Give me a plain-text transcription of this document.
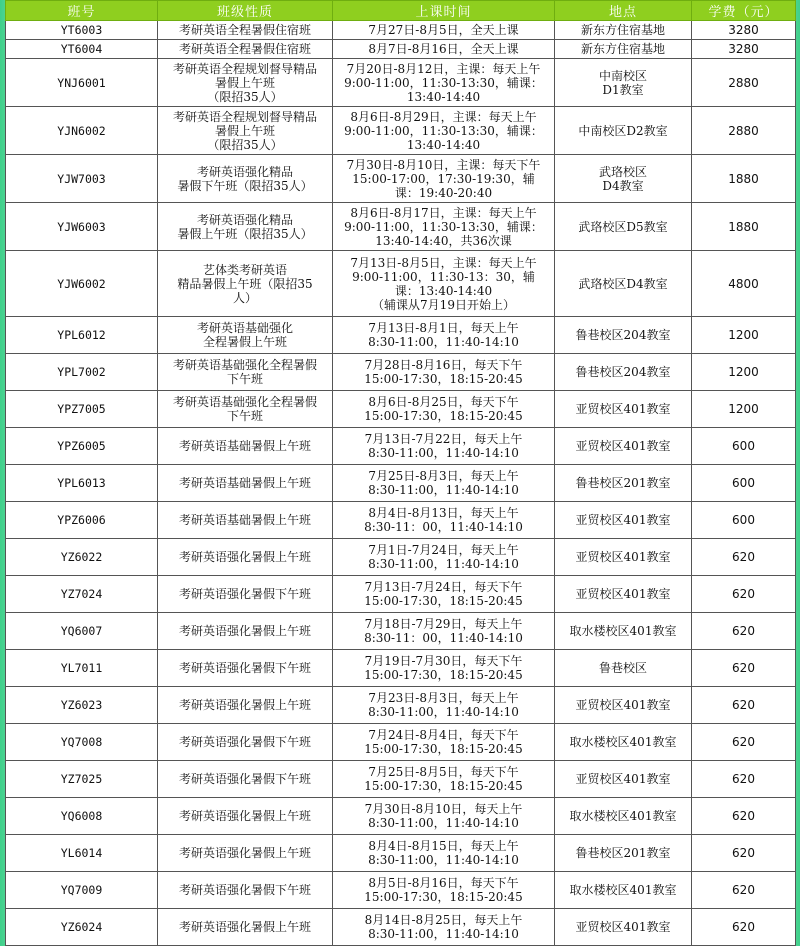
班号	班级性质	上课时间	地点	学费（元）
YT6003	考研英语全程暑假住宿班	7月27日-8月5日，全天上课	新东方住宿基地	3280
YT6004	考研英语全程暑假住宿班	8月7日-8月16日，全天上课	新东方住宿基地	3280
YNJ6001	考研英语全程规划督导精品
暑假上午班
（限招35人）	7月20日-8月12日，主课：每天上午
9:00-11:00，11:30-13:30，辅课：
13:40-14:40	中南校区
D1教室	2880
YJN6002	考研英语全程规划督导精品
暑假上午班
（限招35人）	8月6日-8月29日，主课：每天上午
9:00-11:00，11:30-13:30，辅课：
13:40-14:40	中南校区D2教室	2880
YJW7003	考研英语强化精品
暑假下午班（限招35人）	7月30日-8月10日，主课：每天下午
15:00-17:00，17:30-19:30，辅
课：19:40-20:40	武珞校区
D4教室	1880
YJW6003	考研英语强化精品
暑假上午班（限招35人）	8月6日-8月17日，主课：每天上午
9:00-11:00，11:30-13:30，辅课：
13:40-14:40，共36次课	武珞校区D5教室	1880
YJW6002	艺体类考研英语
精品暑假上午班（限招35
人）	7月13日-8月5日，主课：每天上午
9:00-11:00，11:30-13：30，辅
课：13:40-14:40
（辅课从7月19日开始上）	武珞校区D4教室	4800
YPL6012	考研英语基础强化
全程暑假上午班	7月13日-8月1日，每天上午
8:30-11:00，11:40-14:10	鲁巷校区204教室	1200
YPL7002	考研英语基础强化全程暑假
下午班	7月28日-8月16日，每天下午
15:00-17:30，18:15-20:45	鲁巷校区204教室	1200
YPZ7005	考研英语基础强化全程暑假
下午班	8月6日-8月25日，每天下午
15:00-17:30，18:15-20:45	亚贸校区401教室	1200
YPZ6005	考研英语基础暑假上午班	7月13日-7月22日，每天上午
8:30-11:00，11:40-14:10	亚贸校区401教室	600
YPL6013	考研英语基础暑假上午班	7月25日-8月3日，每天上午
8:30-11:00，11:40-14:10	鲁巷校区201教室	600
YPZ6006	考研英语基础暑假上午班	8月4日-8月13日，每天上午
8:30-11：00，11:40-14:10	亚贸校区401教室	600
YZ6022	考研英语强化暑假上午班	7月1日-7月24日，每天上午
8:30-11:00，11:40-14:10	亚贸校区401教室	620
YZ7024	考研英语强化暑假下午班	7月13日-7月24日，每天下午
15:00-17:30，18:15-20:45	亚贸校区401教室	620
YQ6007	考研英语强化暑假上午班	7月18日-7月29日，每天上午
8:30-11：00，11:40-14:10	取水楼校区401教室	620
YL7011	考研英语强化暑假下午班	7月19日-7月30日，每天下午
15:00-17:30，18:15-20:45	鲁巷校区	620
YZ6023	考研英语强化暑假上午班	7月23日-8月3日，每天上午
8:30-11:00，11:40-14:10	亚贸校区401教室	620
YQ7008	考研英语强化暑假下午班	7月24日-8月4日，每天下午
15:00-17:30，18:15-20:45	取水楼校区401教室	620
YZ7025	考研英语强化暑假下午班	7月25日-8月5日，每天下午
15:00-17:30，18:15-20:45	亚贸校区401教室	620
YQ6008	考研英语强化暑假上午班	7月30日-8月10日，每天上午
8:30-11:00，11:40-14:10	取水楼校区401教室	620
YL6014	考研英语强化暑假上午班	8月4日-8月15日，每天上午
8:30-11:00，11:40-14:10	鲁巷校区201教室	620
YQ7009	考研英语强化暑假下午班	8月5日-8月16日，每天下午
15:00-17:30，18:15-20:45	取水楼校区401教室	620
YZ6024	考研英语强化暑假上午班	8月14日-8月25日，每天上午
8:30-11:00，11:40-14:10	亚贸校区401教室	620
